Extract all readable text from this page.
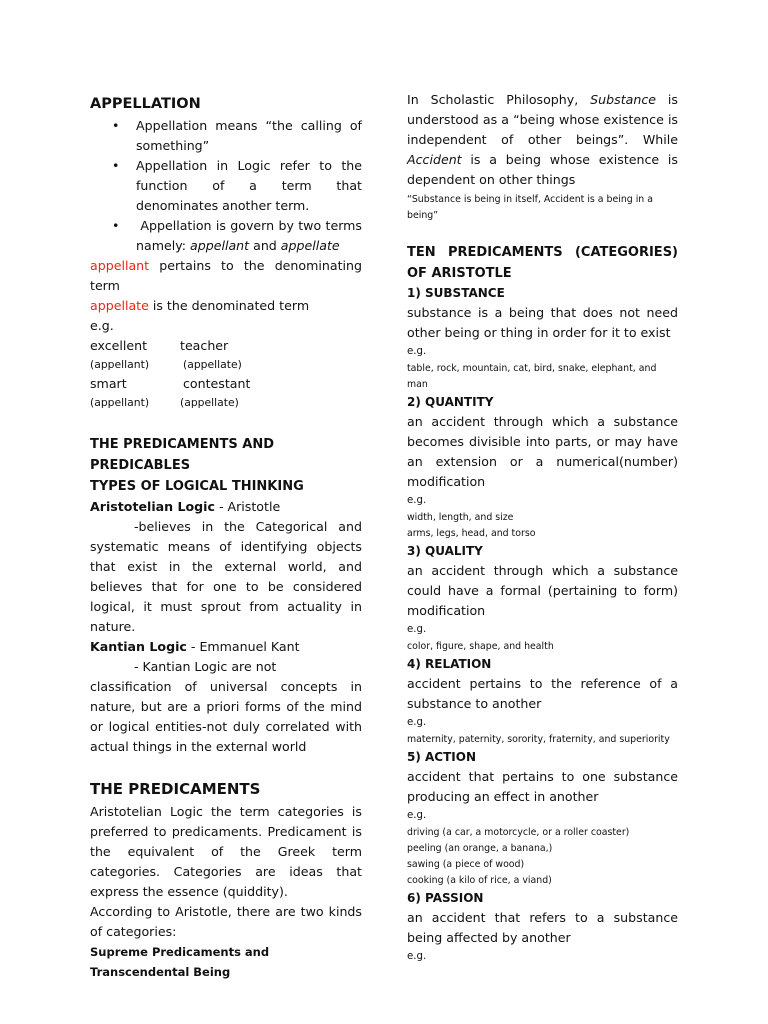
APPELLATION

• Appellation means “the calling of something”
• Appellation in Logic refer to the function of a term that denominates another term.
• Appellation is govern by two terms namely: appellant and appellate

appellant pertains to the denominating term

appellate is the denominated term

e.g.

excellent	teacher
(appellant)	(appellate)
smart	contestant
(appellant)	(appellate)

THE PREDICAMENTS AND PREDICABLES

TYPES OF LOGICAL THINKING

Aristotelian Logic - Aristotle

-believes in the Categorical and systematic means of identifying objects that exist in the external world, and believes that for one to be considered logical, it must sprout from actuality in nature.

Kantian Logic - Emmanuel Kant

- Kantian Logic are not

classification of universal concepts in nature, but are a priori forms of the mind or logical entities-not duly correlated with actual things in the external world

THE PREDICAMENTS

Aristotelian Logic the term categories is preferred to predicaments. Predicament is the equivalent of the Greek term categories. Categories are ideas that express the essence (quiddity).

According to Aristotle, there are two kinds of categories:

Supreme Predicaments and Transcendental Being

In Scholastic Philosophy, Substance is understood as a “being whose existence is independent of other beings”. While Accident is a being whose existence is dependent on other things

“Substance is being in itself, Accident is a being in a being”

TEN PREDICAMENTS (CATEGORIES) OF ARISTOTLE

1) SUBSTANCE

substance is a being that does not need other being or thing in order for it to exist

e.g.

table, rock, mountain, cat, bird, snake, elephant, and man

2) QUANTITY

an accident through which a substance becomes divisible into parts, or may have an extension or a numerical(number) modification

e.g.

width, length, and size

arms, legs, head, and torso

3) QUALITY

an accident through which a substance could have a formal (pertaining to form) modification

e.g.

color, figure, shape, and health

4) RELATION

accident pertains to the reference of a substance to another

e.g.

maternity, paternity, sorority, fraternity, and superiority

5) ACTION

accident that pertains to one substance producing an effect in another

e.g.

driving (a car, a motorcycle, or a roller coaster)

peeling (an orange, a banana,)

sawing (a piece of wood)

cooking (a kilo of rice, a viand)

6) PASSION

an accident that refers to a substance being affected by another

e.g.
